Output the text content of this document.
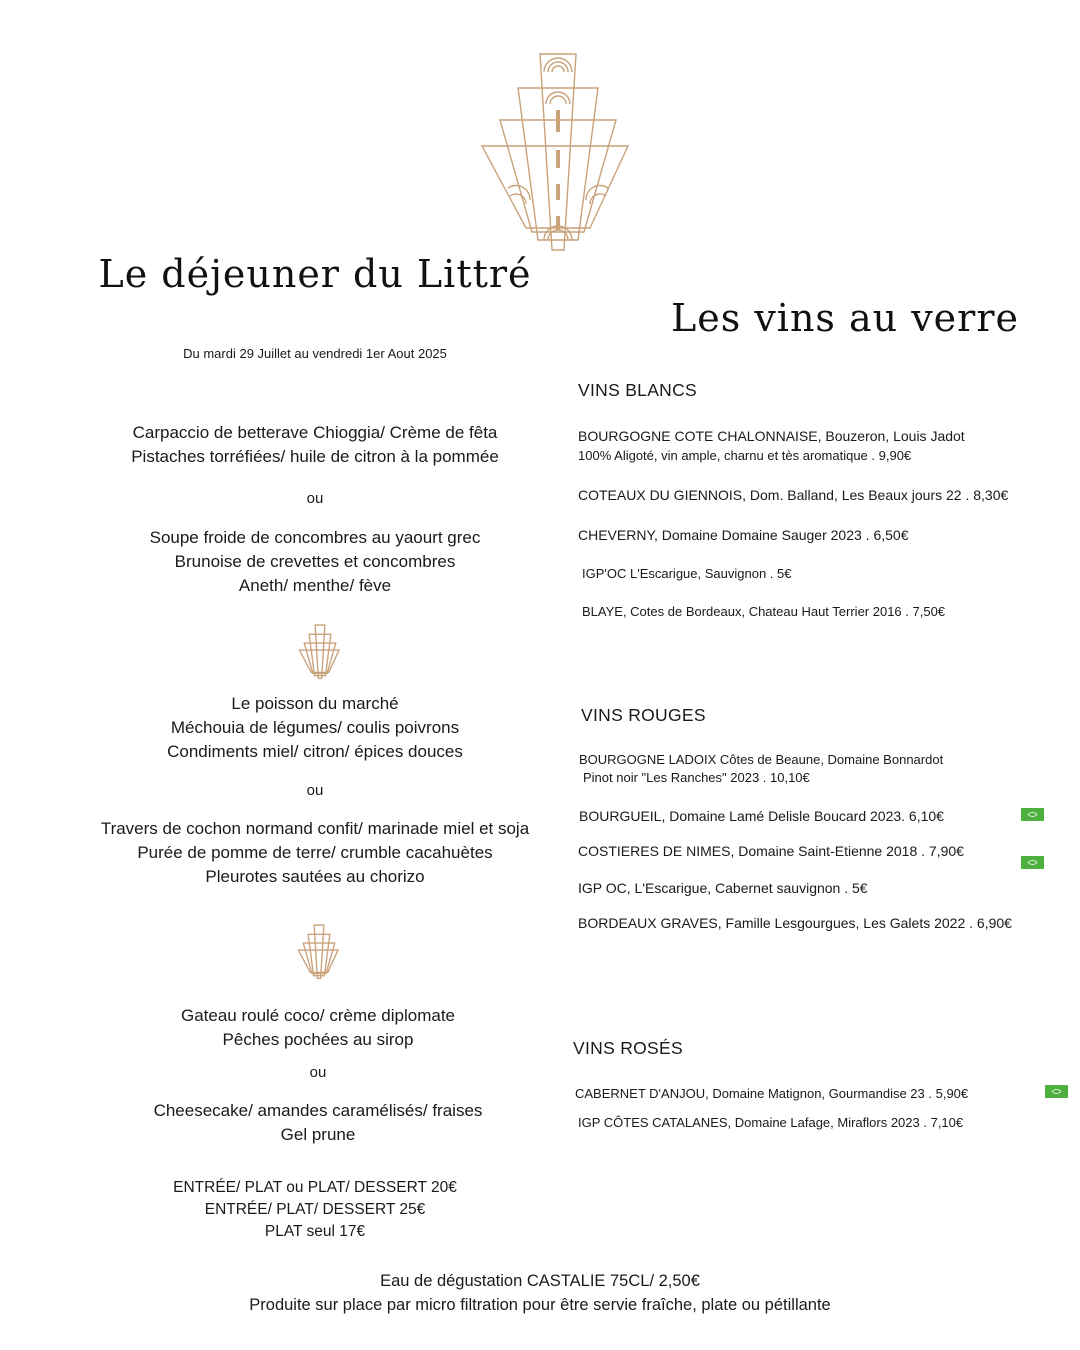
Le déjeuner du Littré
Les vins au verre
Du mardi 29 Juillet au vendredi 1er Aout 2025
Carpaccio de betterave Chioggia/ Crème de fêta
Pistaches torréfiées/ huile de citron à la pommée
ou
Soupe froide de concombres au yaourt grec
Brunoise de crevettes et concombres
Aneth/ menthe/ fève
Le poisson du marché
Méchouia de légumes/ coulis poivrons
Condiments miel/ citron/ épices douces
ou
Travers de cochon normand confit/ marinade miel et soja
Purée de pomme de terre/ crumble cacahuètes
Pleurotes sautées au chorizo
Gateau roulé coco/ crème diplomate
Pêches pochées au sirop
ou
Cheesecake/ amandes caramélisés/ fraises
Gel prune
ENTRÉE/ PLAT ou PLAT/ DESSERT 20€
ENTRÉE/ PLAT/ DESSERT 25€
PLAT seul 17€
Eau de dégustation CASTALIE 75CL/ 2,50€
Produite sur place par micro filtration pour être servie fraîche, plate ou pétillante
VINS BLANCS
BOURGOGNE COTE CHALONNAISE, Bouzeron, Louis Jadot
100% Aligoté, vin ample, charnu et tès aromatique . 9,90€
COTEAUX DU GIENNOIS, Dom. Balland, Les Beaux jours 22 . 8,30€
CHEVERNY, Domaine Domaine Sauger 2023 . 6,50€
IGP'OC L'Escarigue, Sauvignon . 5€
BLAYE, Cotes de Bordeaux, Chateau Haut Terrier 2016 . 7,50€
VINS ROUGES
BOURGOGNE LADOIX Côtes de Beaune, Domaine Bonnardot
Pinot noir "Les Ranches" 2023 . 10,10€
BOURGUEIL, Domaine Lamé Delisle Boucard 2023. 6,10€
COSTIERES DE NIMES, Domaine Saint-Etienne 2018 . 7,90€
IGP OC, L'Escarigue, Cabernet sauvignon . 5€
BORDEAUX GRAVES, Famille Lesgourgues, Les Galets 2022 . 6,90€
VINS ROSÉS
CABERNET D'ANJOU, Domaine Matignon, Gourmandise 23 . 5,90€
IGP CÔTES CATALANES, Domaine Lafage, Miraflors 2023 . 7,10€
